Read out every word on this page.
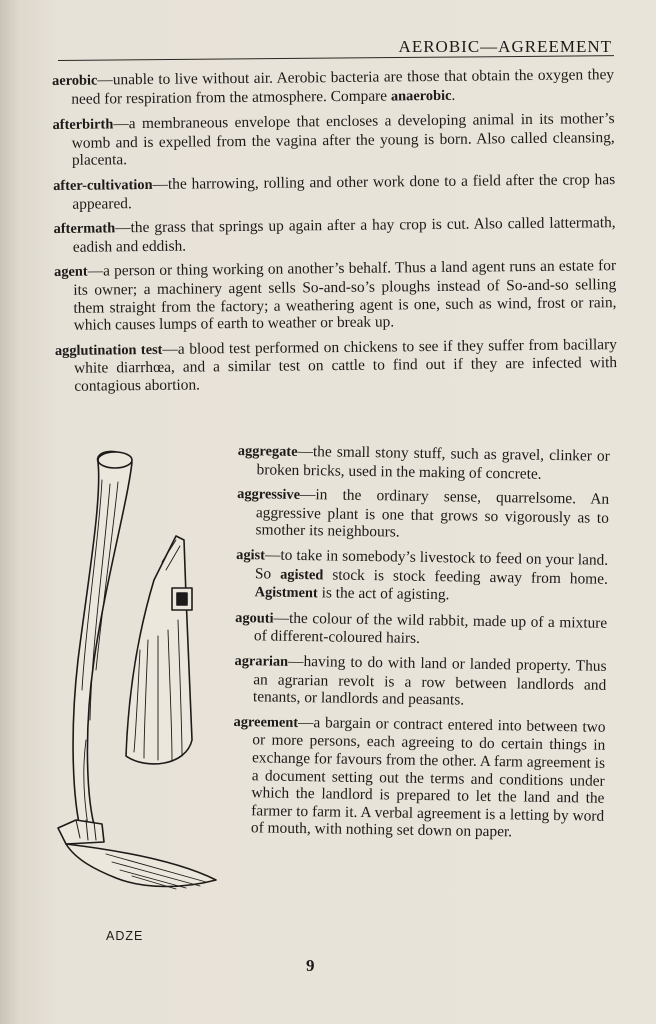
AEROBIC—AGREEMENT

aerobic—unable to live without air. Aerobic bacteria are those that obtain the oxygen they need for respiration from the atmosphere. Compare anaerobic.

afterbirth—a membraneous envelope that encloses a developing animal in its mother’s womb and is expelled from the vagina after the young is born. Also called cleansing, placenta.

after-cultivation—the harrowing, rolling and other work done to a field after the crop has appeared.

aftermath—the grass that springs up again after a hay crop is cut. Also called lattermath, eadish and eddish.

agent—a person or thing working on another’s behalf. Thus a land agent runs an estate for its owner; a machinery agent sells So-and-so’s ploughs instead of So-and-so selling them straight from the factory; a weathering agent is one, such as wind, frost or rain, which causes lumps of earth to weather or break up.

agglutination test—a blood test performed on chickens to see if they suffer from bacillary white diarrhœa, and a similar test on cattle to find out if they are infected with contagious abortion.

ADZE

aggregate—the small stony stuff, such as gravel, clinker or broken bricks, used in the making of concrete.

aggressive—in the ordinary sense, quarrelsome. An aggressive plant is one that grows so vigorously as to smother its neighbours.

agist—to take in somebody’s livestock to feed on your land. So agisted stock is stock feeding away from home. Agistment is the act of agisting.

agouti—the colour of the wild rabbit, made up of a mixture of different-coloured hairs.

agrarian—having to do with land or landed property. Thus an agrarian revolt is a row between landlords and tenants, or landlords and peasants.

agreement—a bargain or contract entered into between two or more persons, each agreeing to do certain things in exchange for favours from the other. A farm agreement is a document setting out the terms and conditions under which the landlord is prepared to let the land and the farmer to farm it. A verbal agreement is a letting by word of mouth, with nothing set down on paper.

9
